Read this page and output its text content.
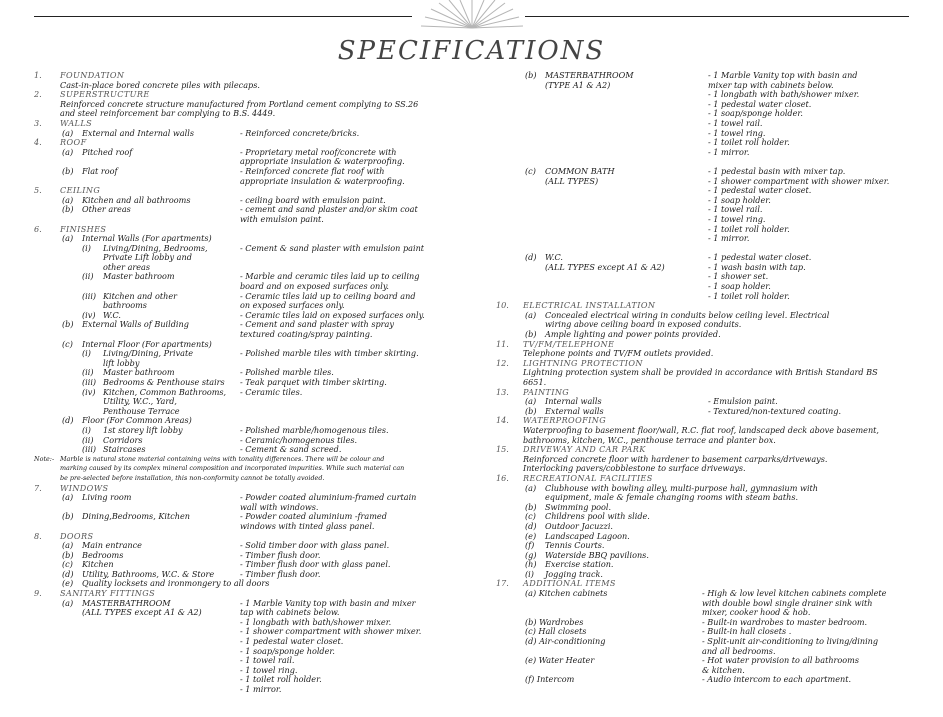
SPECIFICATIONS
1. FOUNDATION
Cast-in-place bored concrete piles with pilecaps.
2. SUPERSTRUCTURE
Reinforced concrete structure manufactured from Portland cement complying to SS.26
and steel reinforcement bar complying to B.S. 4449.
3. WALLS
(a) External and Internal walls	- Reinforced concrete/bricks.
4. ROOF
(a) Pitched roof	- Proprietary metal roof/concrete with
appropriate insulation & waterproofing.
(b) Flat roof	- Reinforced concrete flat roof with
appropriate insulation & waterproofing.
5. CEILING
(a) Kitchen and all bathrooms	- ceiling board with emulsion paint.
(b) Other areas	- cement and sand plaster and/or skim coat
with emulsion paint.
6. FINISHES
(a) Internal Walls (For apartments)
(i) Living/Dining, Bedrooms,	- Cement & sand plaster with emulsion paint
Private Lift lobby and
other areas
(ii) Master bathroom	- Marble and ceramic tiles laid up to ceiling
board and on exposed surfaces only.
(iii) Kitchen and other	- Ceramic tiles laid up to ceiling board and
bathrooms	on exposed surfaces only.
(iv) W.C.	- Ceramic tiles laid on exposed surfaces only.
(b) External Walls of Building	- Cement and sand plaster with spray
textured coating/spray painting.
(c) Internal Floor (For apartments)
(i) Living/Dining, Private	- Polished marble tiles with timber skirting.
lift lobby
(ii) Master bathroom	- Polished marble tiles.
(iii) Bedrooms & Penthouse stairs - Teak parquet with timber skirting.
(iv) Kitchen, Common Bathrooms, - Ceramic tiles.
Utility, W.C., Yard,
Penthouse Terrace
(d) Floor (For Common Areas)
(i) 1st storey lift lobby	- Polished marble/homogenous tiles.
(ii) Corridors	- Ceramic/homogenous tiles.
(iii) Staircases	- Cement & sand screed.
Note:- Marble is natural stone material containing veins with tonality differences. There will be colour and
marking caused by its complex mineral composition and incorporated impurities. While such material can
be pre-selected before installation, this non-conformity cannot be totally avoided.
7. WINDOWS
(a) Living room	- Powder coated aluminium-framed curtain
wall with windows.
(b) Dining,Bedrooms, Kitchen	- Powder coated aluminium -framed
windows with tinted glass panel.
8. DOORS
(a) Main entrance	- Solid timber door with glass panel.
(b) Bedrooms	- Timber flush door.
(c) Kitchen	- Timber flush door with glass panel.
(d) Utility, Bathrooms, W.C. & Store	- Timber flush door.
(e) Quality locksets and ironmongery to all doors
9. SANITARY FITTINGS
(a) MASTERBATHROOM	- 1 Marble Vanity top with basin and mixer
(ALL TYPES except A1 & A2)	tap with cabinets below.
- 1 longbath with bath/shower mixer.
- 1 shower compartment with shower mixer.
- 1 pedestal water closet.
- 1 soap/sponge holder.
- 1 towel rail.
- 1 towel ring.
- 1 toilet roll holder.
- 1 mirror.
(b) MASTERBATHROOM	- 1 Marble Vanity top with basin and
(TYPE A1 & A2)	mixer tap with cabinets below.
- 1 longbath with bath/shower mixer.
- 1 pedestal water closet.
- 1 soap/sponge holder.
- 1 towel rail.
- 1 towel ring.
- 1 toilet roll holder.
- 1 mirror.
(c) COMMON BATH	- 1 pedestal basin with mixer tap.
(ALL TYPES)	- 1 shower compartment with shower mixer.
- 1 pedestal water closet.
- 1 soap holder.
- 1 towel rail.
- 1 towel ring.
- 1 toilet roll holder.
- 1 mirror.
(d) W.C.	- 1 pedestal water closet.
(ALL TYPES except A1 & A2)	- 1 wash basin with tap.
- 1 shower set.
- 1 soap holder.
- 1 toilet roll holder.
10. ELECTRICAL INSTALLATION
(a) Concealed electrical wiring in conduits below ceiling level. Electrical
wiring above ceiling board in exposed conduits.
(b) Ample lighting and power points provided.
11. TV/FM/TELEPHONE
Telephone points and TV/FM outlets provided.
12. LIGHTNING PROTECTION
Lightning protection system shall be provided in accordance with British Standard BS
6651.
13. PAINTING
(a) Internal walls	- Emulsion paint.
(b) External walls	- Textured/non-textured coating.
14. WATERPROOFING
Waterproofing to basement floor/wall, R.C. flat roof, landscaped deck above basement,
bathrooms, kitchen, W.C., penthouse terrace and planter box.
15. DRIVEWAY AND CAR PARK
Reinforced concrete floor with hardener to basement carparks/driveways.
Interlocking pavers/cobblestone to surface driveways.
16. RECREATIONAL FACILITIES
(a) Clubhouse with bowling alley, multi-purpose hall, gymnasium with
equipment, male & female changing rooms with steam baths.
(b) Swimming pool.
(c) Childrens pool with slide.
(d) Outdoor Jacuzzi.
(e) Landscaped Lagoon.
(f) Tennis Courts.
(g) Waterside BBQ pavilions.
(h) Exercise station.
(i) Jogging track.
17. ADDITIONAL ITEMS
(a) Kitchen cabinets	- High & low level kitchen cabinets complete
with double bowl single drainer sink with
mixer, cooker hood & hob.
(b) Wardrobes	- Built-in wardrobes to master bedroom.
(c) Hall closets	- Built-in hall closets .
(d) Air-conditioning	- Split-unit air-conditioning to living/dining
and all bedrooms.
(e) Water Heater	- Hot water provision to all bathrooms
& kitchen.
(f) Intercom	- Audio intercom to each apartment.
